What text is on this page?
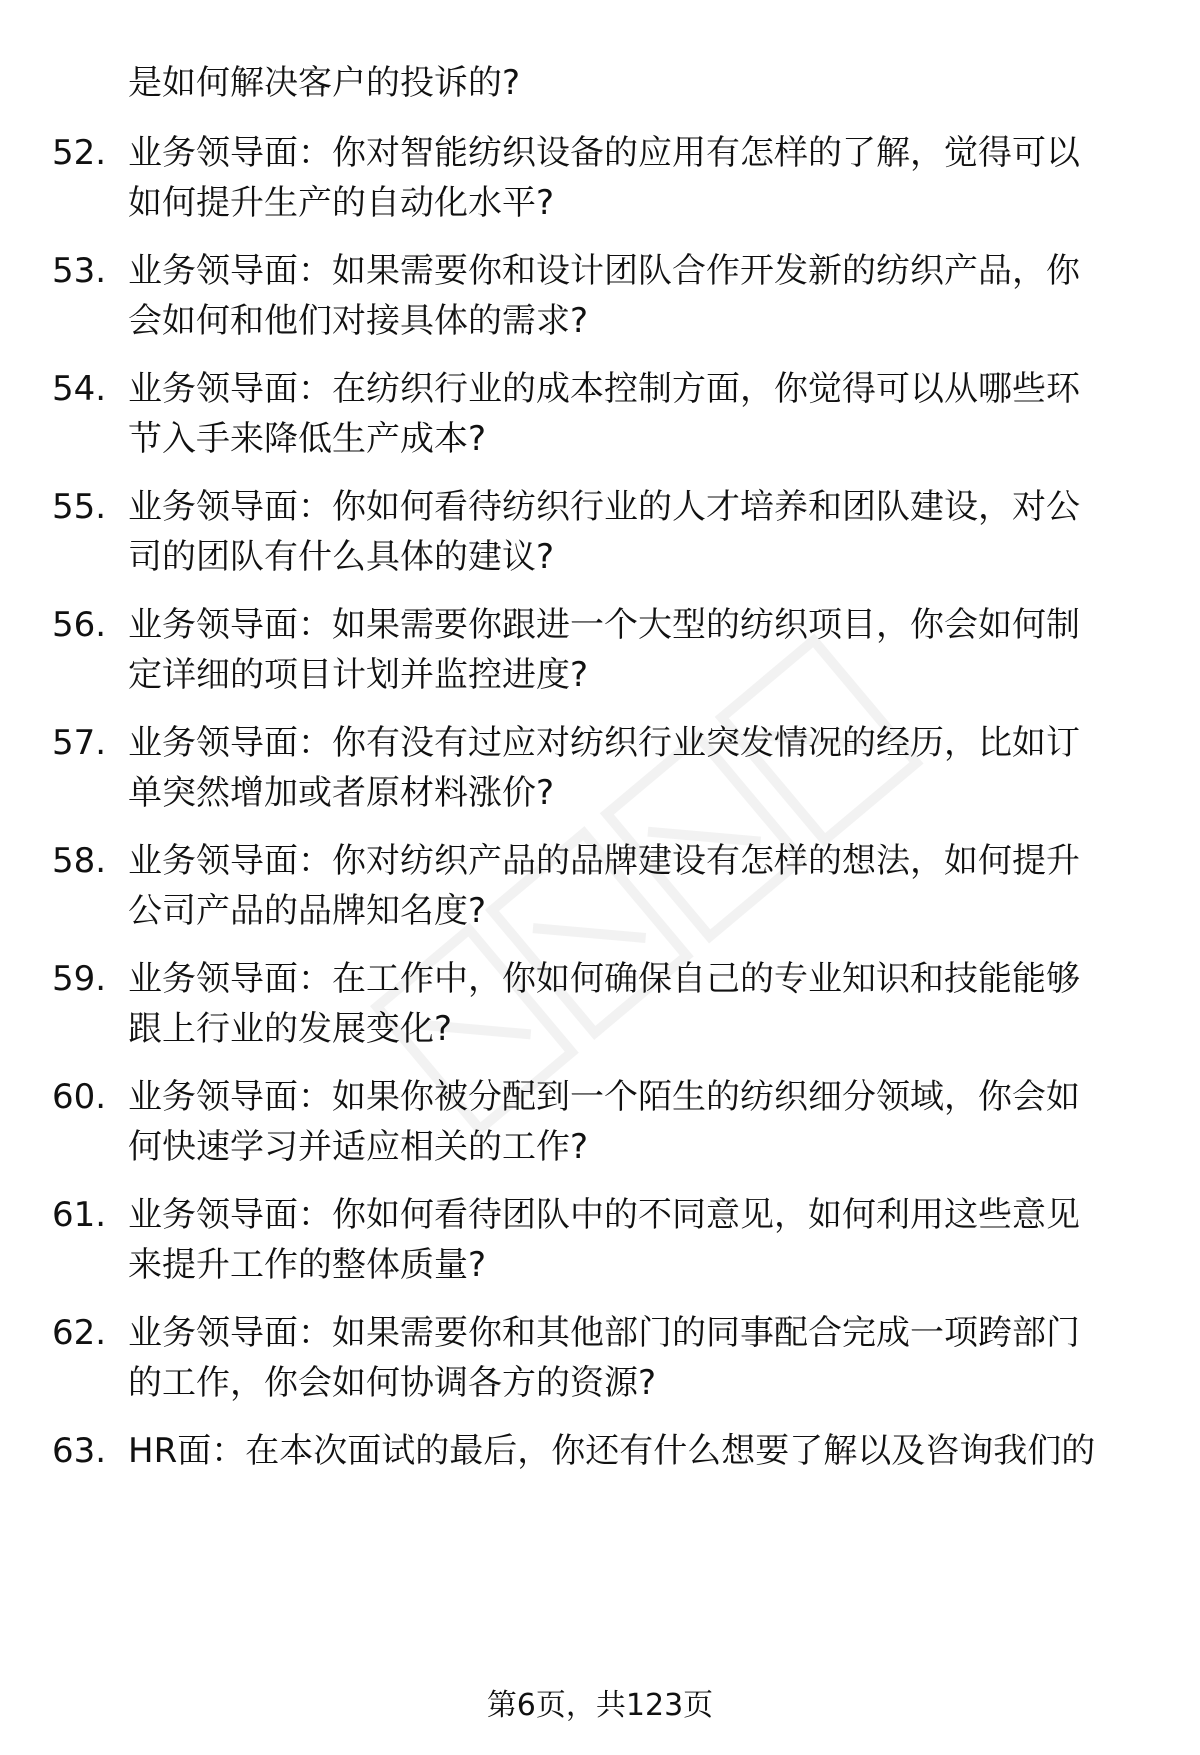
是如何解决客户的投诉的?
52. 业务领导面：你对智能纺织设备的应用有怎样的了解，觉得可以
如何提升生产的自动化水平?
53. 业务领导面：如果需要你和设计团队合作开发新的纺织产品，你
会如何和他们对接具体的需求?
54. 业务领导面：在纺织行业的成本控制方面，你觉得可以从哪些环
节入手来降低生产成本?
55. 业务领导面：你如何看待纺织行业的人才培养和团队建设，对公
司的团队有什么具体的建议?
56. 业务领导面：如果需要你跟进一个大型的纺织项目，你会如何制
定详细的项目计划并监控进度?
57. 业务领导面：你有没有过应对纺织行业突发情况的经历，比如订
单突然增加或者原材料涨价?
58. 业务领导面：你对纺织产品的品牌建设有怎样的想法，如何提升
公司产品的品牌知名度?
59. 业务领导面：在工作中，你如何确保自己的专业知识和技能能够
跟上行业的发展变化?
60. 业务领导面：如果你被分配到一个陌生的纺织细分领域，你会如
何快速学习并适应相关的工作?
61. 业务领导面：你如何看待团队中的不同意见，如何利用这些意见
来提升工作的整体质量?
62. 业务领导面：如果需要你和其他部门的同事配合完成一项跨部门
的工作，你会如何协调各方的资源?
63. HR面：在本次面试的最后，你还有什么想要了解以及咨询我们的
第6页，共123页
